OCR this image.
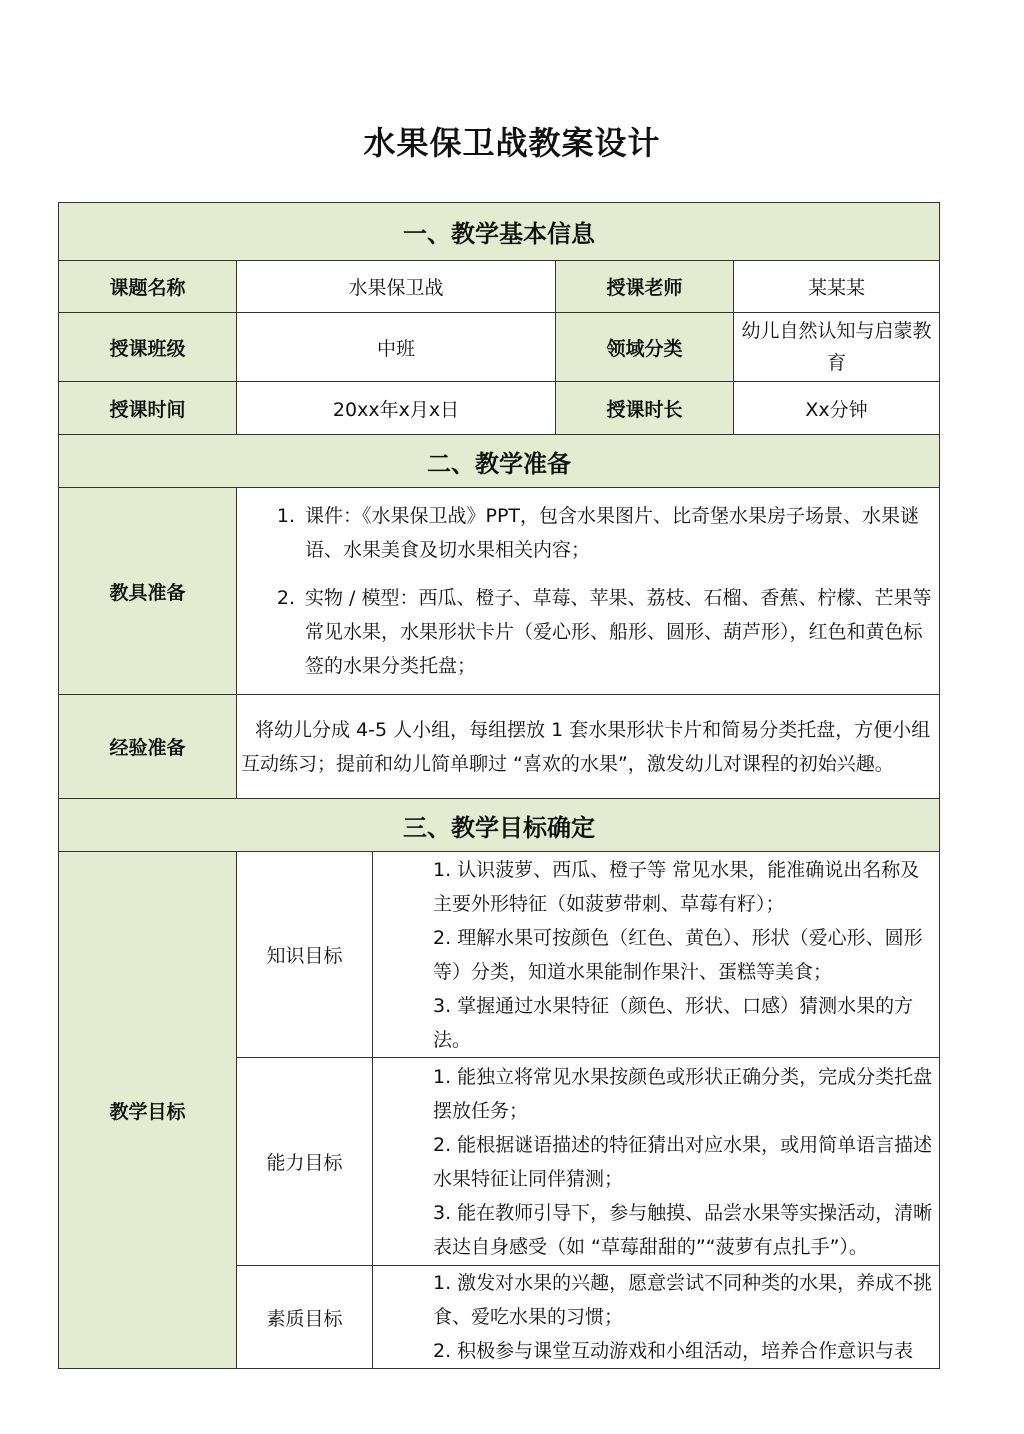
水果保卫战教案设计
一、教学基本信息				
课题名称	水果保卫战		授课老师	某某某
授课班级	中班		领域分类	幼儿自然认知与启蒙教育
授课时间	20xx年x月x日		授课时长	Xx分钟
二、教学准备				
教具准备	1. 课件：《水果保卫战》PPT，包含水果图片、比奇堡水果房子场景、水果谜语、水果美食及切水果相关内容；
2. 实物 / 模型：西瓜、橙子、草莓、苹果、荔枝、石榴、香蕉、柠檬、芒果等常见水果，水果形状卡片（爱心形、船形、圆形、葫芦形），红色和黄色标签的水果分类托盘；			

经验准备	将幼儿分成 4-5 人小组，每组摆放 1 套水果形状卡片和简易分类托盘，方便小组互动练习；提前和幼儿简单聊过 “喜欢的水果”，激发幼儿对课程的初始兴趣。			
三、教学目标确定				
教学目标	知识目标	1. 认识菠萝、西瓜、橙子等 常见水果，能准确说出名称及主要外形特征（如菠萝带刺、草莓有籽）；

2. 理解水果可按颜色（红色、黄色）、形状（爱心形、圆形等）分类，知道水果能制作果汁、蛋糕等美食；

3. 掌握通过水果特征（颜色、形状、口感）猜测水果的方法。		

	能力目标	1. 能独立将常见水果按颜色或形状正确分类，完成分类托盘摆放任务；

2. 能根据谜语描述的特征猜出对应水果，或用简单语言描述水果特征让同伴猜测；

3. 能在教师引导下，参与触摸、品尝水果等实操活动，清晰表达自身感受（如 “草莓甜甜的”“菠萝有点扎手”）。		

	素质目标	1. 激发对水果的兴趣，愿意尝试不同种类的水果，养成不挑食、爱吃水果的习惯；

2. 积极参与课堂互动游戏和小组活动，培养合作意识与表		
